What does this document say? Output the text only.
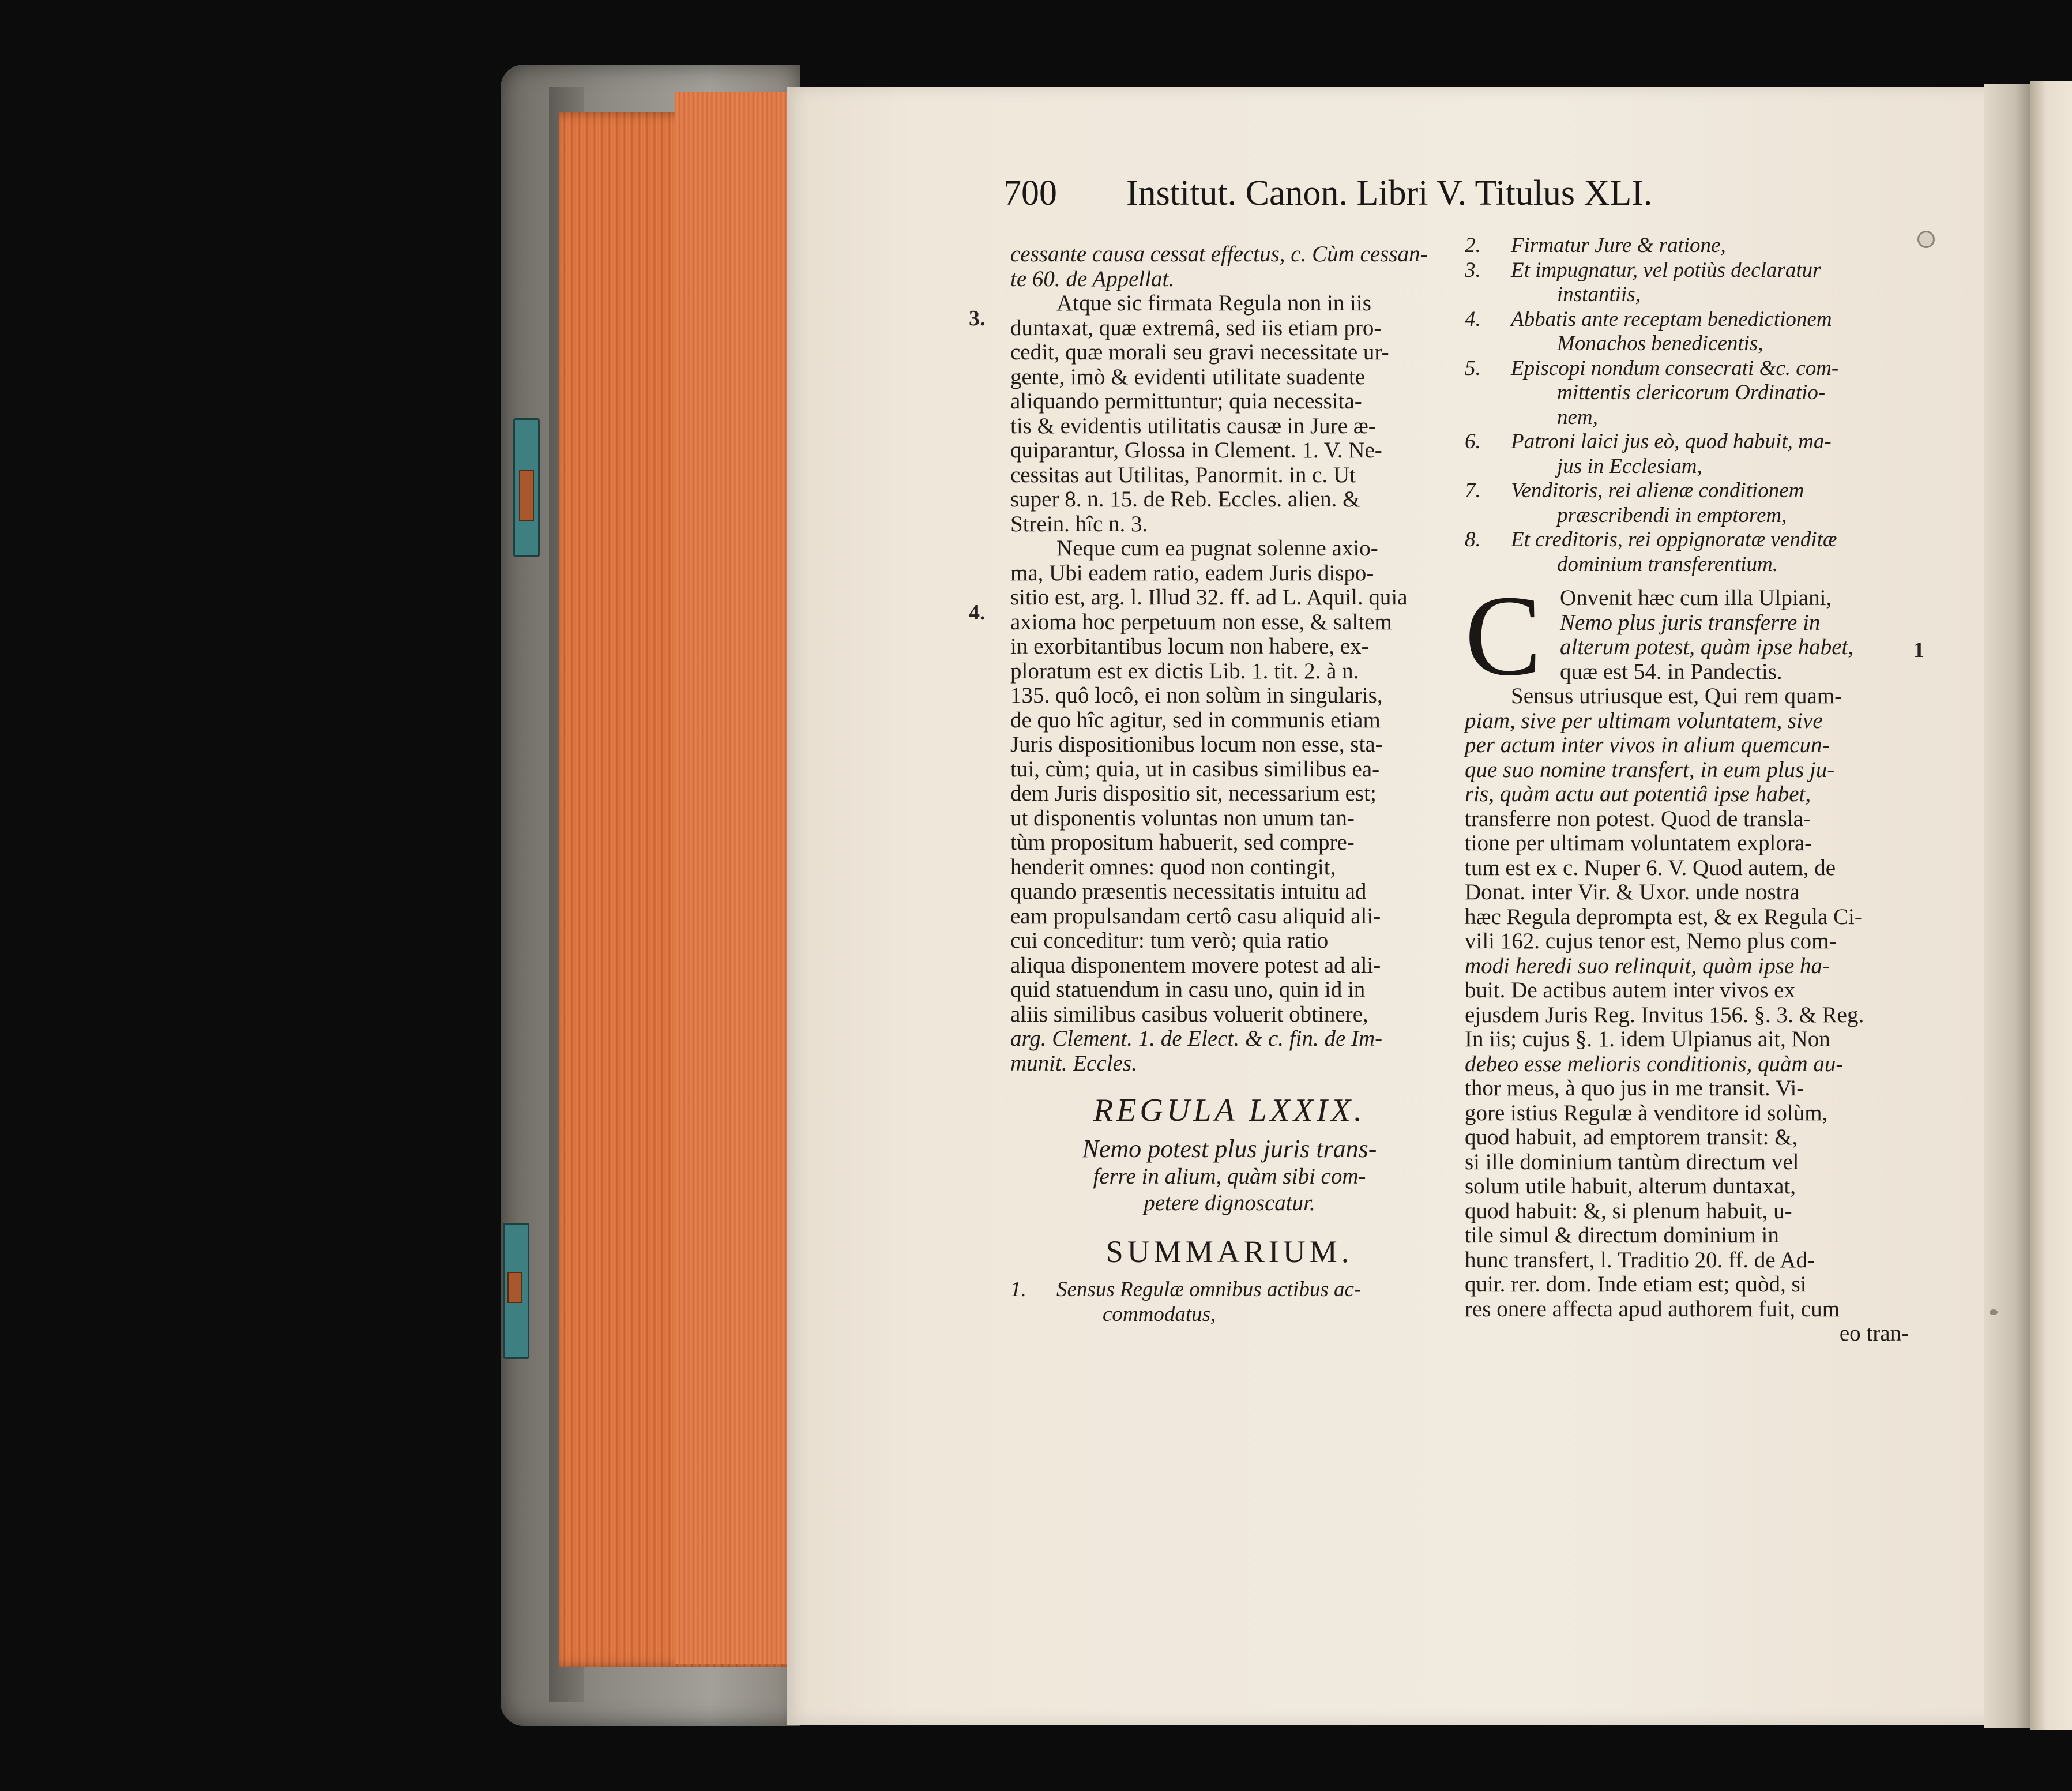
700 Institut. Canon. Libri V. Titulus XLI.
3.
4.
cessante causa cessat effectus, c. Cùm cessan-
te 60. de Appellat.
Atque sic firmata Regula non in iis
duntaxat, quæ extremâ, sed iis etiam pro-
cedit, quæ morali seu gravi necessitate ur-
gente, imò & evidenti utilitate suadente
aliquando permittuntur; quia necessita-
tis & evidentis utilitatis causæ in Jure æ-
quiparantur, Glossa in Clement. 1. V. Ne-
cessitas aut Utilitas, Panormit. in c. Ut
super 8. n. 15. de Reb. Eccles. alien. &
Strein. hîc n. 3.
Neque cum ea pugnat solenne axio-
ma, Ubi eadem ratio, eadem Juris dispo-
sitio est, arg. l. Illud 32. ff. ad L. Aquil. quia
axioma hoc perpetuum non esse, & saltem
in exorbitantibus locum non habere, ex-
ploratum est ex dictis Lib. 1. tit. 2. à n.
135. quô locô, ei non solùm in singularis,
de quo hîc agitur, sed in communis etiam
Juris dispositionibus locum non esse, sta-
tui, cùm; quia, ut in casibus similibus ea-
dem Juris dispositio sit, necessarium est;
ut disponentis voluntas non unum tan-
tùm propositum habuerit, sed compre-
henderit omnes: quod non contingit,
quando præsentis necessitatis intuitu ad
eam propulsandam certô casu aliquid ali-
cui conceditur: tum verò; quia ratio
aliqua disponentem movere potest ad ali-
quid statuendum in casu uno, quin id in
aliis similibus casibus voluerit obtinere,
arg. Clement. 1. de Elect. & c. fin. de Im-
munit. Eccles.
REGULA LXXIX.
Nemo potest plus juris trans-
ferre in alium, quàm sibi com-
petere dignoscatur.
SUMMARIUM.
1.	Sensus Regulæ omnibus actibus ac-
commodatus,
2.	Firmatur Jure & ratione,
3.	Et impugnatur, vel potiùs declaratur
instantiis,
4.	Abbatis ante receptam benedictionem
Monachos benedicentis,
5.	Episcopi nondum consecrati &c. com-
mittentis clericorum Ordinatio-
nem,
6.	Patroni laici jus eò, quod habuit, ma-
jus in Ecclesiam,
7.	Venditoris, rei alienæ conditionem
præscribendi in emptorem,
8.	Et creditoris, rei oppignoratæ venditæ
dominium transferentium.
C Onvenit hæc cum illa Ulpiani,
Nemo plus juris transferre in
alterum potest, quàm ipse habet,
quæ est 54. in Pandectis.
Sensus utriusque est, Qui rem quam-
piam, sive per ultimam voluntatem, sive
per actum inter vivos in alium quemcun-
que suo nomine transfert, in eum plus ju-
ris, quàm actu aut potentiâ ipse habet,
transferre non potest. Quod de transla-
tione per ultimam voluntatem explora-
tum est ex c. Nuper 6. V. Quod autem, de
Donat. inter Vir. & Uxor. unde nostra
hæc Regula deprompta est, & ex Regula Ci-
vili 162. cujus tenor est, Nemo plus com-
modi heredi suo relinquit, quàm ipse ha-
buit. De actibus autem inter vivos ex
ejusdem Juris Reg. Invitus 156. §. 3. & Reg.
In iis; cujus §. 1. idem Ulpianus ait, Non
debeo esse melioris conditionis, quàm au-
thor meus, à quo jus in me transit. Vi-
gore istius Regulæ à venditore id solùm,
quod habuit, ad emptorem transit: &,
si ille dominium tantùm directum vel
solum utile habuit, alterum duntaxat,
quod habuit: &, si plenum habuit, u-
tile simul & directum dominium in
hunc transfert, l. Traditio 20. ff. de Ad-
quir. rer. dom. Inde etiam est; quòd, si
res onere affecta apud authorem fuit, cum
eo tran-
1
